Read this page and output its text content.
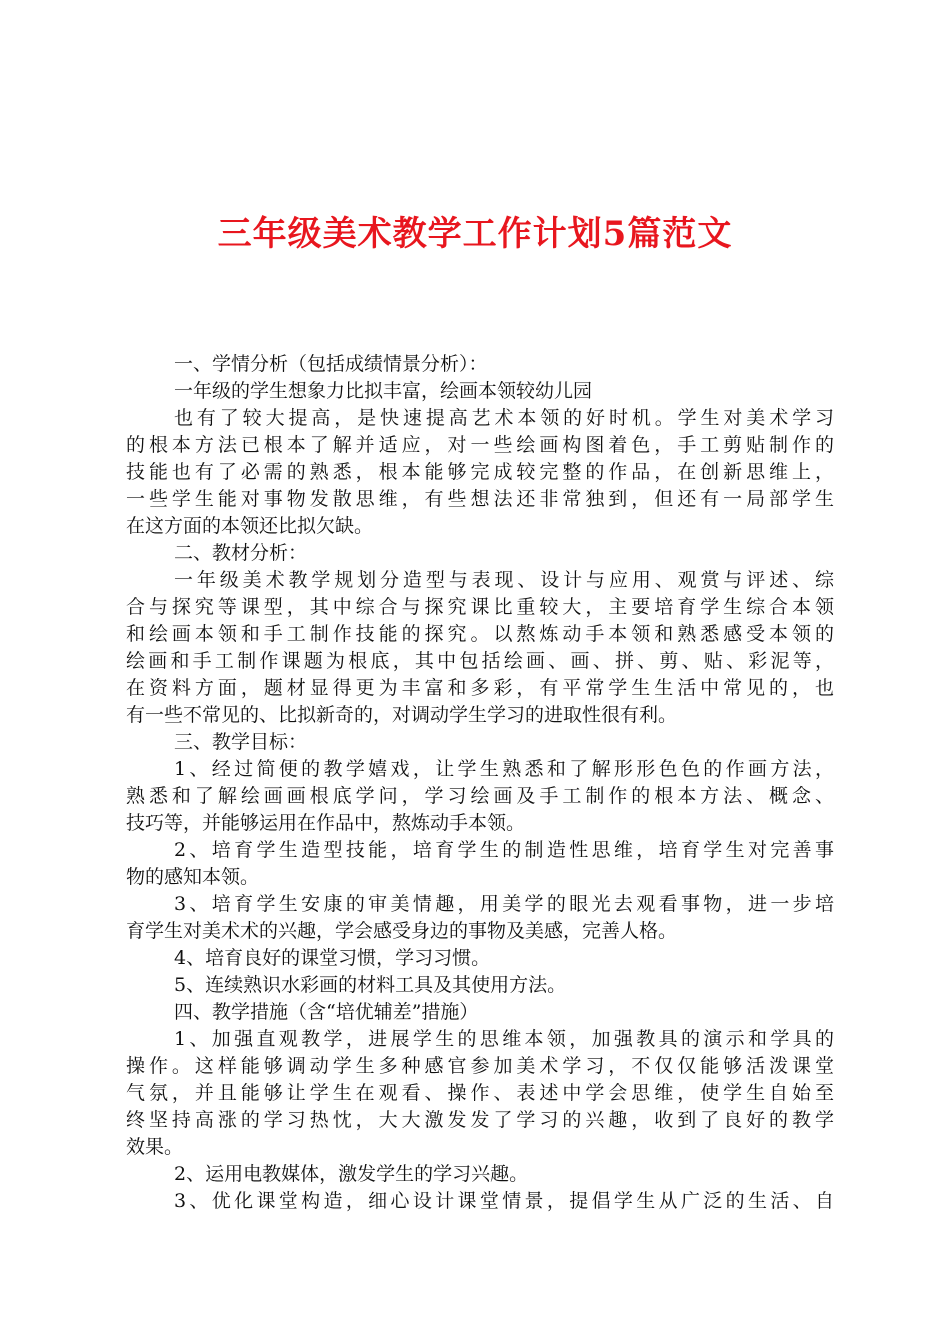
三年级美术教学工作计划5篇范文
一、学情分析（包括成绩情景分析）：
一年级的学生想象力比拟丰富，绘画本领较幼儿园
也有了较大提高，是快速提高艺术本领的好时机。学生对美术学习
的根本方法已根本了解并适应，对一些绘画构图着色，手工剪贴制作的
技能也有了必需的熟悉，根本能够完成较完整的作品，在创新思维上，
一些学生能对事物发散思维，有些想法还非常独到，但还有一局部学生
在这方面的本领还比拟欠缺。
二、教材分析：
一年级美术教学规划分造型与表现、设计与应用、观赏与评述、综
合与探究等课型，其中综合与探究课比重较大，主要培育学生综合本领
和绘画本领和手工制作技能的探究。以熬炼动手本领和熟悉感受本领的
绘画和手工制作课题为根底，其中包括绘画、画、拼、剪、贴、彩泥等，
在资料方面，题材显得更为丰富和多彩，有平常学生生活中常见的，也
有一些不常见的、比拟新奇的，对调动学生学习的进取性很有利。
三、教学目标：
1、经过简便的教学嬉戏，让学生熟悉和了解形形色色的作画方法，
熟悉和了解绘画画根底学问，学习绘画及手工制作的根本方法、概念、
技巧等，并能够运用在作品中，熬炼动手本领。
2、培育学生造型技能，培育学生的制造性思维，培育学生对完善事
物的感知本领。
3、培育学生安康的审美情趣，用美学的眼光去观看事物，进一步培
育学生对美术术的兴趣，学会感受身边的事物及美感，完善人格。
4、培育良好的课堂习惯，学习习惯。
5、连续熟识水彩画的材料工具及其使用方法。
四、教学措施（含“培优辅差”措施）
1、加强直观教学，进展学生的思维本领，加强教具的演示和学具的
操作。这样能够调动学生多种感官参加美术学习，不仅仅能够活泼课堂
气氛，并且能够让学生在观看、操作、表述中学会思维，使学生自始至
终坚持高涨的学习热忱，大大激发发了学习的兴趣，收到了良好的教学
效果。
2、运用电教媒体，激发学生的学习兴趣。
3、优化课堂构造，细心设计课堂情景，提倡学生从广泛的生活、自
